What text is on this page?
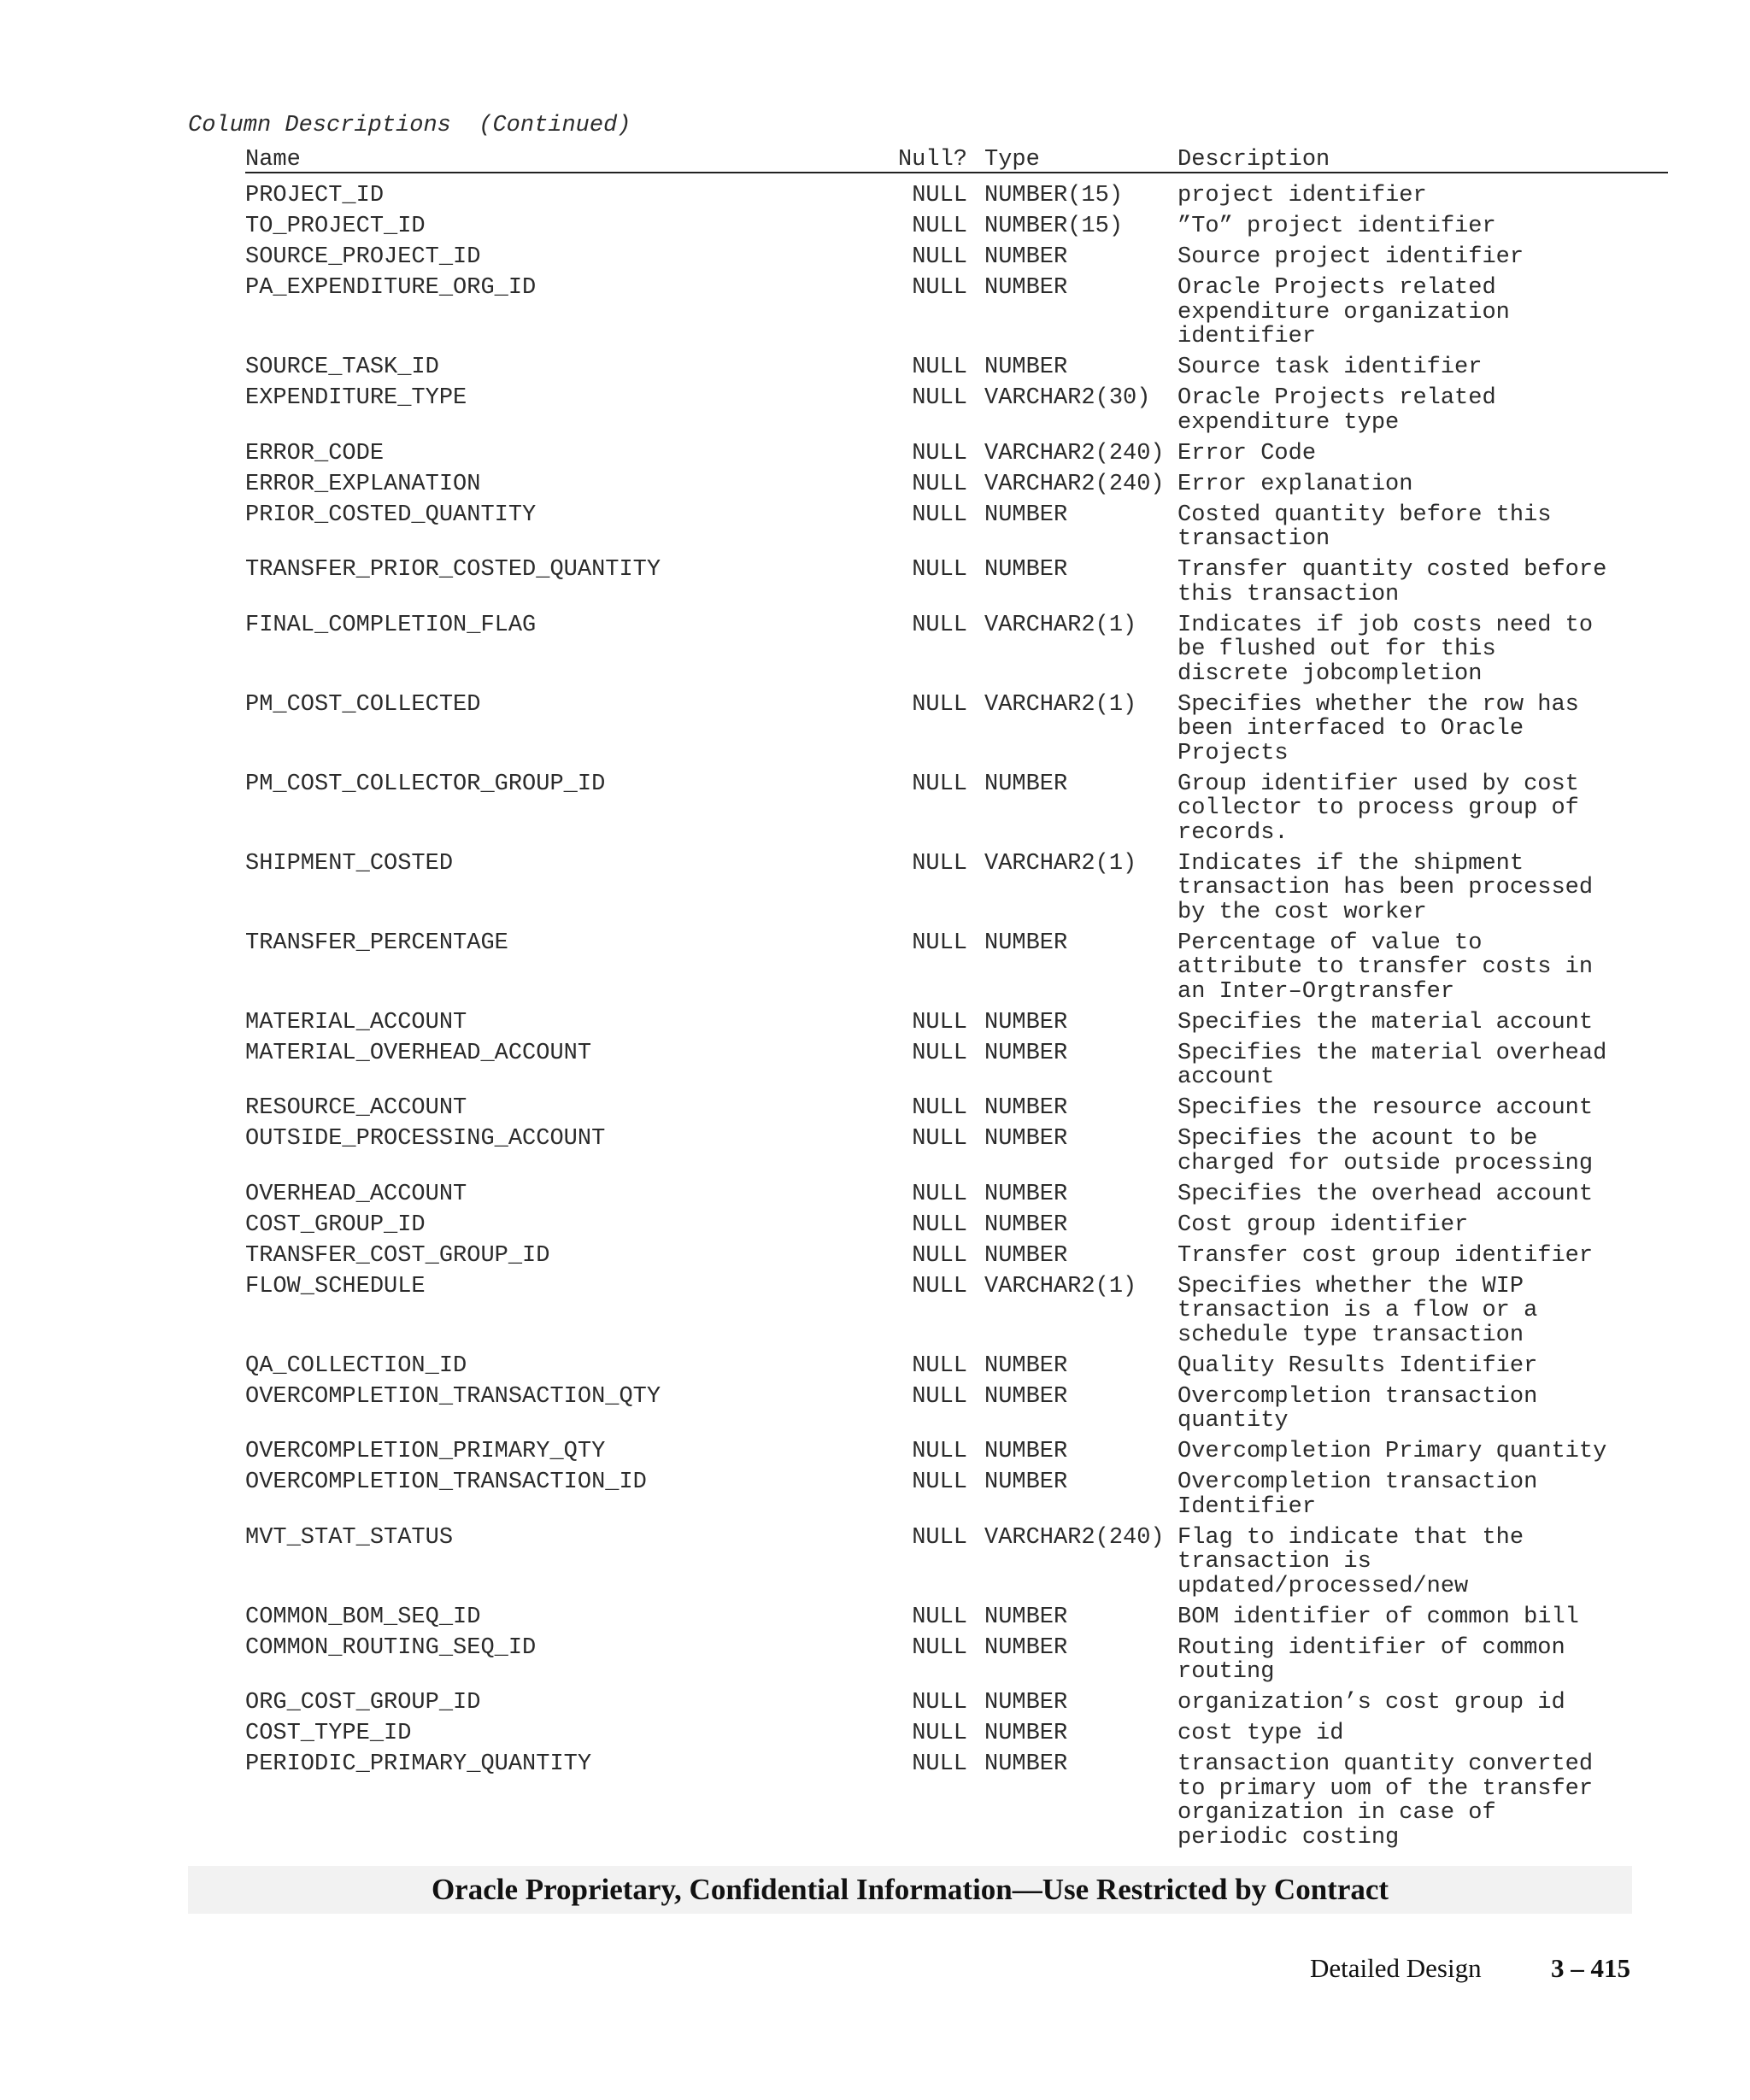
Column Descriptions  (Continued)
Name	Null? Type	Description
PROJECT_ID	NULL NUMBER(15)	project identifier
TO_PROJECT_ID	NULL NUMBER(15)	”To” project identifier
SOURCE_PROJECT_ID	NULL NUMBER	Source project identifier
PA_EXPENDITURE_ORG_ID	NULL NUMBER	Oracle Projects related
expenditure organization
identifier
SOURCE_TASK_ID	NULL NUMBER	Source task identifier
EXPENDITURE_TYPE	NULL VARCHAR2(30)	Oracle Projects related
expenditure type
ERROR_CODE	NULL VARCHAR2(240) Error Code
ERROR_EXPLANATION	NULL VARCHAR2(240) Error explanation
PRIOR_COSTED_QUANTITY	NULL NUMBER	Costed quantity before this
transaction
TRANSFER_PRIOR_COSTED_QUANTITY	NULL NUMBER	Transfer quantity costed before
this transaction
FINAL_COMPLETION_FLAG	NULL VARCHAR2(1)	Indicates if job costs need to
be flushed out for this
discrete jobcompletion
PM_COST_COLLECTED	NULL VARCHAR2(1)	Specifies whether the row has
been interfaced to Oracle
Projects
PM_COST_COLLECTOR_GROUP_ID	NULL NUMBER	Group identifier used by cost
collector to process group of
records.
SHIPMENT_COSTED	NULL VARCHAR2(1)	Indicates if the shipment
transaction has been processed
by the cost worker
TRANSFER_PERCENTAGE	NULL NUMBER	Percentage of value to
attribute to transfer costs in
an Inter–Orgtransfer
MATERIAL_ACCOUNT	NULL NUMBER	Specifies the material account
MATERIAL_OVERHEAD_ACCOUNT	NULL NUMBER	Specifies the material overhead
account
RESOURCE_ACCOUNT	NULL NUMBER	Specifies the resource account
OUTSIDE_PROCESSING_ACCOUNT	NULL NUMBER	Specifies the acount to be
charged for outside processing
OVERHEAD_ACCOUNT	NULL NUMBER	Specifies the overhead account
COST_GROUP_ID	NULL NUMBER	Cost group identifier
TRANSFER_COST_GROUP_ID	NULL NUMBER	Transfer cost group identifier
FLOW_SCHEDULE	NULL VARCHAR2(1)	Specifies whether the WIP
transaction is a flow or a
schedule type transaction
QA_COLLECTION_ID	NULL NUMBER	Quality Results Identifier
OVERCOMPLETION_TRANSACTION_QTY	NULL NUMBER	Overcompletion transaction
quantity
OVERCOMPLETION_PRIMARY_QTY	NULL NUMBER	Overcompletion Primary quantity
OVERCOMPLETION_TRANSACTION_ID	NULL NUMBER	Overcompletion transaction
Identifier
MVT_STAT_STATUS	NULL VARCHAR2(240) Flag to indicate that the
transaction is
updated/processed/new
COMMON_BOM_SEQ_ID	NULL NUMBER	BOM identifier of common bill
COMMON_ROUTING_SEQ_ID	NULL NUMBER	Routing identifier of common
routing
ORG_COST_GROUP_ID	NULL NUMBER	organization’s cost group id
COST_TYPE_ID	NULL NUMBER	cost type id
PERIODIC_PRIMARY_QUANTITY	NULL NUMBER	transaction quantity converted
to primary uom of the transfer
organization in case of
periodic costing
Oracle Proprietary, Confidential Information––Use Restricted by Contract
Detailed Design	3 – 415
